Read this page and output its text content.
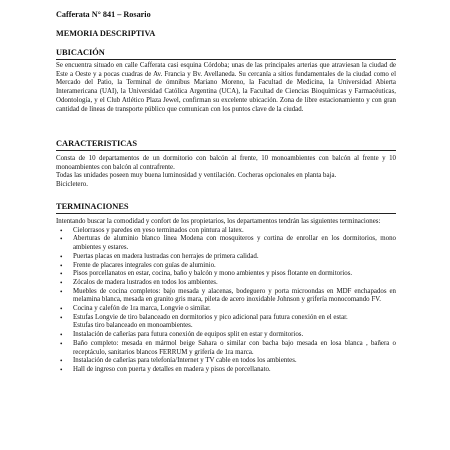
Cafferata N° 841 – Rosario
MEMORIA DESCRIPTIVA
UBICACIÓN

Se encuentra situado en calle Cafferata casi esquina Córdoba; unas de las principales arterias que atraviesan la ciudad de Este a Oeste y a pocas cuadras de Av. Francia y Bv. Avellaneda. Su cercanía a sitios fundamentales de la ciudad como el Mercado del Patio, la Terminal de ómnibus Mariano Moreno, la Facultad de Medicina, la Universidad Abierta Interamericana (UAI), la Universidad Católica Argentina (UCA), la Facultad de Ciencias Bioquímicas y Farmacéuticas, Odontología, y el Club Atlético Plaza Jewel, confirman su excelente ubicación. Zona de libre estacionamiento y con gran cantidad de líneas de transporte público que comunican con los puntos clave de la ciudad.

CARACTERISTICAS

Consta de 10 departamentos de un dormitorio con balcón al frente, 10 monoambientes con balcón al frente y 10 monoambientes con balcón al contrafrente.

Todas las unidades poseen muy buena luminosidad y ventilación. Cocheras opcionales en planta baja.
Bicicletero.

TERMINACIONES

Intentando buscar la comodidad y confort de los propietarios, los departamentos tendrán las siguientes terminaciones:

• Cielorrasos y paredes en yeso terminados con pintura al latex.
• Aberturas de aluminio blanco línea Modena con mosquiteros y cortina de enrollar en los dormitorios, mono ambientes y estares.
• Puertas placas en madera lustradas con herrajes de primera calidad.
• Frente de placares integrales con guías de aluminio.
• Pisos porcellanatos en estar, cocina, baño y balcón y mono ambientes y pisos flotante en dormitorios.
• Zócalos de madera lustrados en todos los ambientes.
• Muebles de cocina completos: bajo mesada y alacenas, bodeguero y porta microondas en MDF enchapados en melamina blanca, mesada en granito gris mara, pileta de acero inoxidable Johnson y grifería monocomando FV.
• Cocina y calefón de 1ra marca, Longvie o similar.
• Estufas Longvie de tiro balanceado en dormitorios y pico adicional para futura conexión en el estar.
Estufas tiro balanceado en monoambientes.
• Instalación de cañerías para futura conexión de equipos split en estar y dormitorios.
• Baño completo: mesada en mármol beige Sahara o similar con bacha bajo mesada en losa blanca , bañera o receptáculo, sanitarios blancos FERRUM y grifería de 1ra marca.
• Instalación de cañerías para telefonía/Internet y TV cable en todos los ambientes.
• Hall de ingreso con puerta y detalles en madera y pisos de porcellanato.
